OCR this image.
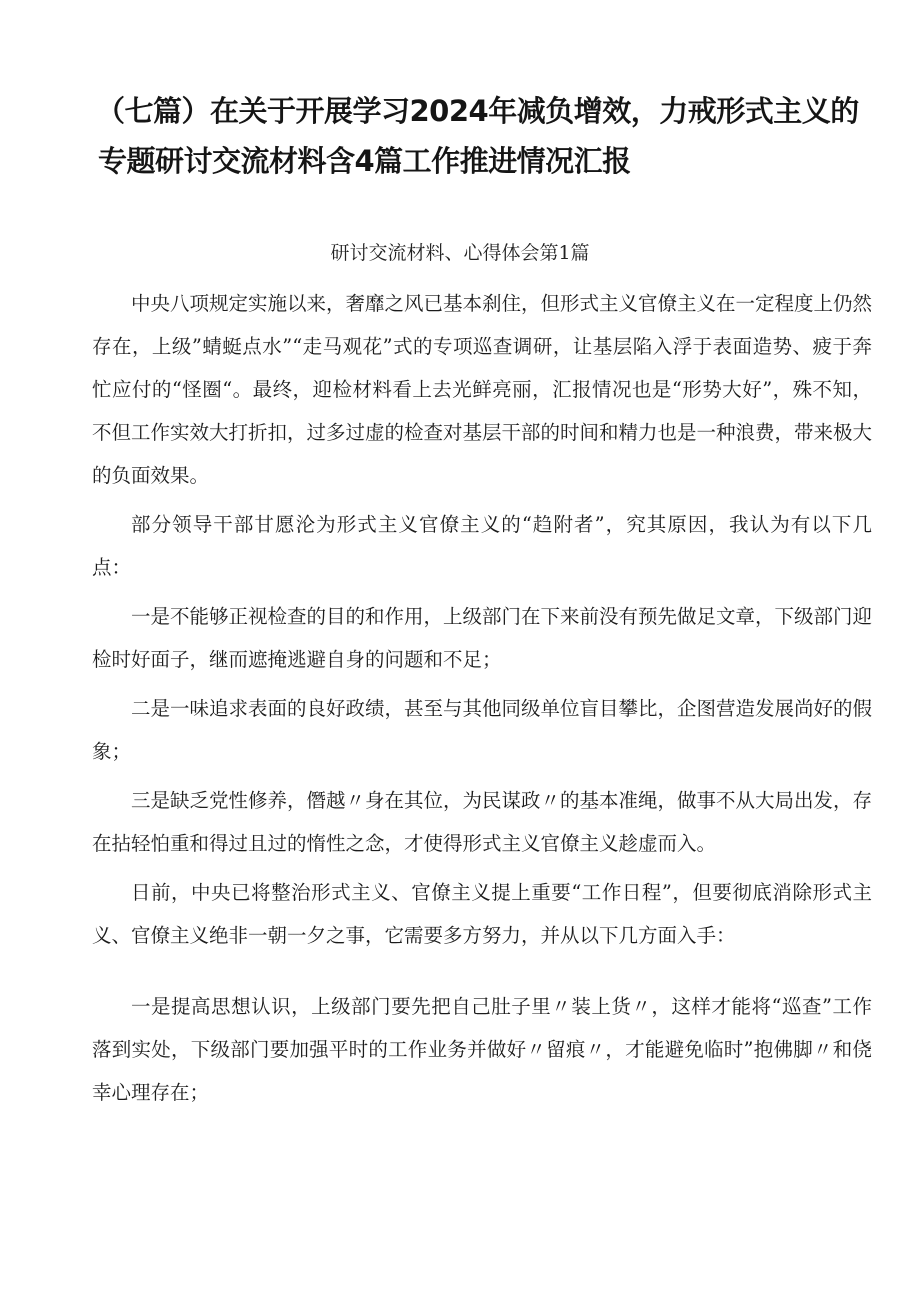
（七篇）在关于开展学习2024年减负增效，力戒形式主义的
专题研讨交流材料含4篇工作推进情况汇报

研讨交流材料、心得体会第1篇

中央八项规定实施以来，奢靡之风已基本刹住，但形式主义官僚主义在一定程度上仍然存在，上级”蜻蜓点水”“走马观花”式的专项巡查调研，让基层陷入浮于表面造势、疲于奔忙应付的“怪圈“。最终，迎检材料看上去光鲜亮丽，汇报情况也是“形势大好”，殊不知，不但工作实效大打折扣，过多过虚的检查对基层干部的时间和精力也是一种浪费，带来极大的负面效果。

部分领导干部甘愿沦为形式主义官僚主义的“趋附者”，究其原因，我认为有以下几点：

一是不能够正视检查的目的和作用，上级部门在下来前没有预先做足文章，下级部门迎检时好面子，继而遮掩逃避自身的问题和不足；

二是一味追求表面的良好政绩，甚至与其他同级单位盲目攀比，企图营造发展尚好的假象；

三是缺乏党性修养，僭越〃身在其位，为民谋政〃的基本准绳，做事不从大局出发，存在拈轻怕重和得过且过的惰性之念，才使得形式主义官僚主义趁虚而入。

日前，中央已将整治形式主义、官僚主义提上重要“工作日程”，但要彻底消除形式主义、官僚主义绝非一朝一夕之事，它需要多方努力，并从以下几方面入手：

一是提高思想认识，上级部门要先把自己肚子里〃装上货〃，这样才能将“巡查”工作落到实处，下级部门要加强平时的工作业务并做好〃留痕〃，才能避免临时”抱佛脚〃和侥幸心理存在；
